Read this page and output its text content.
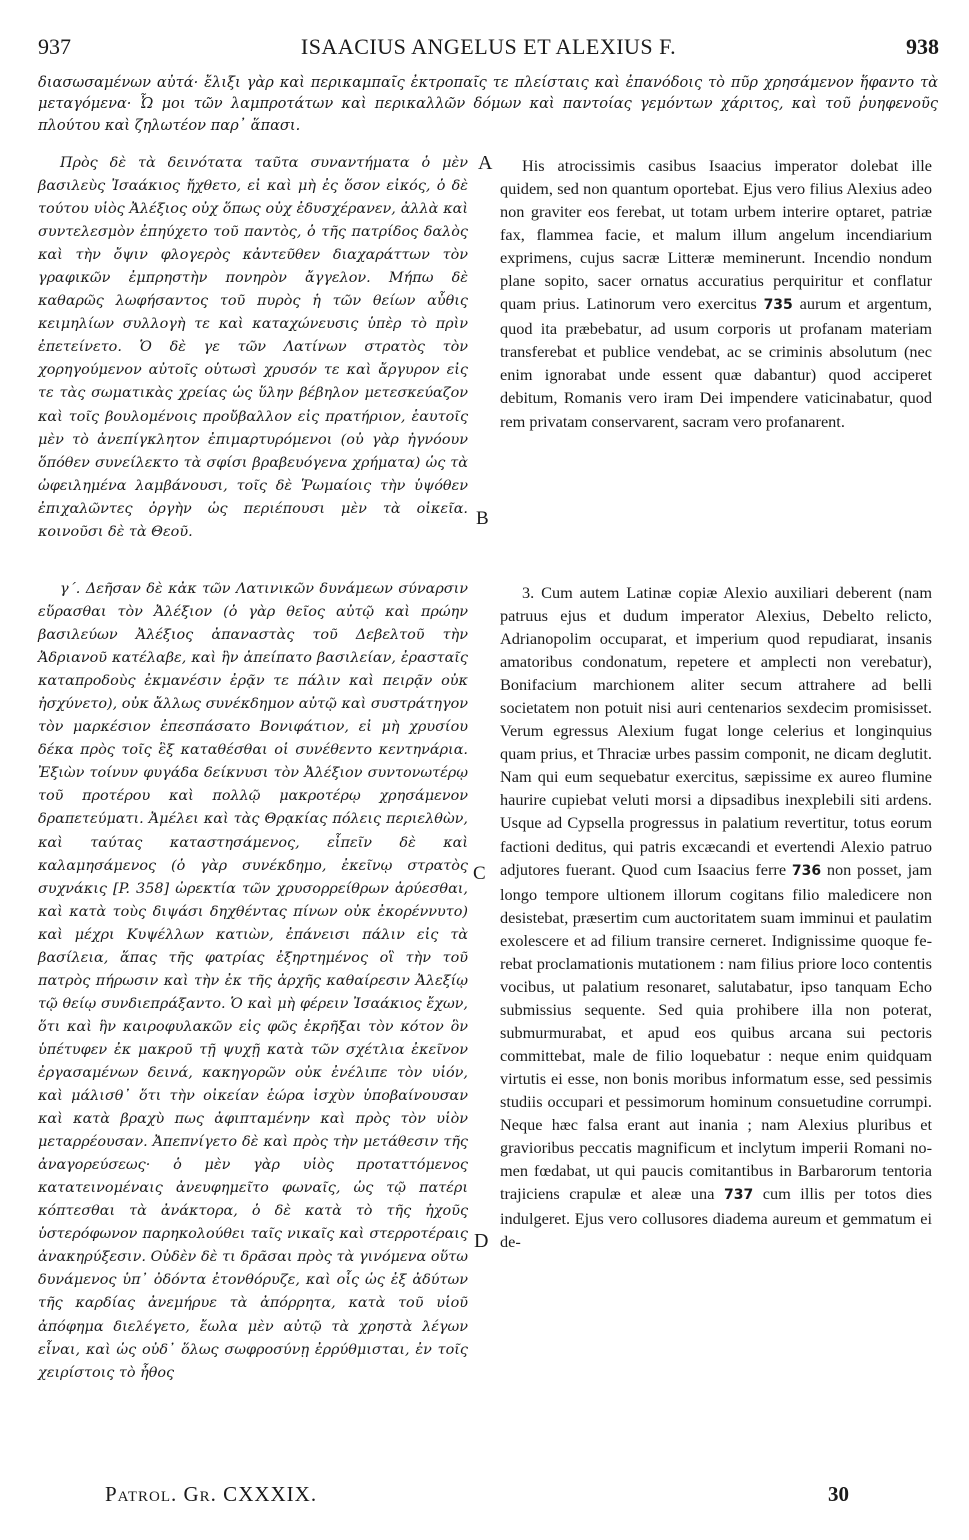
937	ISAACIUS ANGELUS ET ALEXIUS F.	938
διασωσαμένων αὐτά· ἔλιξι γὰρ καὶ περικαμπαῖς ἐκτροπαῖς τε πλείσταις καὶ ἐπανόδοις τὸ πῦρ χρησάμενον ἥφαντο τὰ μεταγόμενα· Ὦ μοι τῶν λαμπροτάτων καὶ περικαλλῶν δόμων καὶ παντοίας γεμόντων χάριτος, καὶ τοῦ ῥυηφενοῦς πλούτου καὶ ζηλωτέον παρ᾽ ἅπασι.

Πρὸς δὲ τὰ δεινότατα ταῦτα συναντήματα ὁ μὲν βασιλεὺς Ἰσαάκιος ἤχθετο, εἰ καὶ μὴ ἐς ὅσον εἰκός, ὁ δὲ τούτου υἱὸς Ἀλέξιος οὐχ ὅπως οὐχ ἐδυσχέρανεν, ἀλλὰ καὶ συντελεσμὸν ἐπηύχετο τοῦ παντὸς, ὁ τῆς πατρίδος δαλὸς καὶ τὴν ὄψιν φλογερὸς κἀντεῦθεν διαχαράττων τὸν γραφικῶν ἐμπρηστὴν πονηρὸν ἄγγελον. Μήπω δὲ καθαρῶς λωφήσαντος τοῦ πυρὸς ἡ τῶν θείων αὖθις κειμηλίων συλλογὴ τε καὶ καταχώνευσις ὑπὲρ τὸ πρὶν ἐπετείνετο. Ὁ δὲ γε τῶν Λατίνων στρατὸς τὸν χορηγούμενον αὐτοῖς οὑτωσὶ χρυσόν τε καὶ ἄργυρον εἰς τε τὰς σωματικὰς χρείας ὡς ὕλην βέβηλον μετεσκεύαζον καὶ τοῖς βουλομένοις προὔβαλλον εἰς πρατήριον, ἑαυτοῖς μὲν τὸ ἀνεπίγκλητον ἐπιμαρτυρόμενοι (οὐ γὰρ ἠγνόουν ὅπόθεν συνείλεκτο τὰ σφίσι βραβευόγενα χρήματα) ὡς τὰ ὠφειλημένα λαμβάνουσι, τοῖς δὲ Ῥωμαίοις τὴν ὑψόθεν ἐπιχαλῶντες ὀργὴν ὡς περιέπουσι μὲν τὰ οἰκεῖα. κοινοῦσι δὲ τὰ Θεοῦ.

γ΄. Δεῆσαν δὲ κἀκ τῶν Λατινικῶν δυνάμεων σύναρσιν εὕρασθαι τὸν Ἀλέξιον (ὁ γὰρ θεῖος αὐτῷ καὶ πρώην βασιλεύων Ἀλέξιος ἀπαναστὰς τοῦ Δεβελτοῦ τὴν Ἀδριανοῦ κατέλαβε, καὶ ἣν ἀπείπατο βασιλείαν, ἐρασταῖς καταπροδοὺς ἐκμανέσιν ἐρᾷν τε πάλιν καὶ πειρᾷν οὐκ ἠσχύνετο), οὐκ ἄλλως συνέκδημον αὐτῷ καὶ συστράτηγον τὸν μαρκέσιον ἐπεσπάσατο Βονιφάτιον, εἰ μὴ χρυσίου δέκα πρὸς τοῖς ἓξ καταθέσθαι οἱ συνέθεντο κεντηνάρια. Ἐξιὼν τοίνυν φυγάδα δείκνυσι τὸν Ἀλέξιον συντονωτέρῳ τοῦ προτέρου καὶ πολλῷ μακροτέρῳ χρησάμενον δραπετεύματι. Ἀμέλει καὶ τὰς Θρᾳκίας πόλεις περιελθὼν, καὶ ταύτας καταστησάμενος, εἶπεῖν δὲ καὶ καλαμησάμενος (ὁ γὰρ συνέκδημο, ἐκεῖνῳ στρατὸς συχνάκις [P. 358] ὠρεκτία τῶν χρυσορρείθρων ἀρύεσθαι, καὶ κατὰ τοὺς διψάσι δηχθέντας πίνων οὐκ ἐκορέννυτο) καὶ μέχρι Κυψέλλων κατιὼν, ἐπάνεισι πάλιν εἰς τὰ βασίλεια, ἅπας τῆς φατρίας ἐξηρτημένος οἳ τὴν τοῦ πατρὸς πήρωσιν καὶ τὴν ἐκ τῆς ἀρχῆς καθαίρεσιν Ἀλεξίῳ τῷ θείῳ συνδιεπράξαντο. Ὁ καὶ μὴ φέρειν Ἰσαάκιος ἔχων, ὅτι καὶ ἣν καιροφυλακῶν εἰς φῶς ἐκρῆξαι τὸν κότον ὃν ὑπέτυφεν ἐκ μακροῦ τῇ ψυχῇ κατὰ τῶν σχέτλια ἐκεῖνον ἐργασαμένων δεινά, κακηγορῶν οὐκ ἐνέλιπε τὸν υἱόν, καὶ μάλισθ᾽ ὅτι τὴν οἰκείαν ἑώρα ἰσχὺν ὑποβαίνουσαν καὶ κατὰ βραχὺ πως ἀφιπταμένην καὶ πρὸς τὸν υἱὸν μεταρρέουσαν. Ἀπεπνίγετο δὲ καὶ πρὸς τὴν μετάθεσιν τῆς ἀναγορεύσεως· ὁ μὲν γὰρ υἱὸς προταττόμενος κατατεινομέναις ἀνευφημεῖτο φωναῖς, ὡς τῷ πατέρι κόπτεσθαι τὰ ἀνάκτορα, ὁ δὲ κατὰ τὸ τῆς ἠχοῦς ὑστερόφωνον παρηκολούθει ταῖς νικαῖς καὶ στερροτέραις ἀνακηρύξεσιν. Οὐδὲν δὲ τι δρᾶσαι πρὸς τὰ γινόμενα οὕτω δυνάμενος ὑπ᾽ ὀδόντα ἐτονθόρυζε, καὶ οἷς ὡς ἐξ ἀδύτων τῆς καρδίας ἀνεμήρυε τὰ ἀπόρρητα, κατὰ τοῦ υἱοῦ ἀπόφημα διελέγετο, ἔωλα μὲν αὐτῷ τὰ χρηστὰ λέγων εἶναι, καὶ ὡς οὐδ᾽ ὅλως σωφροσύνῃ ἐρρύθμισται, ἐν τοῖς χειρίστοις τὸ ἦθος

His atrocissimis casibus Isaacius imperator dolebat ille quidem, sed non quantum oportebat. Ejus vero filius Alexius adeo non graviter eos ferebat, ut totam urbem interire optaret, patriæ fax, flammea facie, et malum illum angelum incendiarium exprimens, cujus sacræ Litteræ meminerunt. Incendio nondum plane sopito, sacer ornatus accuratius perquiritur et conflatur quam prius. Latinorum vero exercitus 735 aurum et argentum, quod ita præbebatur, ad usum corporis ut profanam materiam transferebat et publice vendebat, ac se criminis absolutum (nec enim ignorabat unde essent quæ dabantur) quod acciperet debitum, Romanis vero iram Dei impendere vaticinabatur, quod rem privatam conservarent, sacram vero profanarent.

3. Cum autem Latinæ copiæ Alexio auxiliari deberent (nam patruus ejus et dudum imperator Alexius, Debelto relicto, Adrianopolim occuparat, et imperium quod repudiarat, insanis amatoribus condonatum, repetere et amplecti non verebatur), Bonifacium marchionem aliter secum attrahere ad belli societatem non potuit nisi auri centenarios sexdecim promisisset. Verum egressus Alexium fugat longe celerius et longinquius quam prius, et Thraciæ urbes passim componit, ne dicam deglutit. Nam qui eum sequebatur exercitus, sæpissime ex aureo flumine haurire cupiebat veluti morsi a dipsadibus inexplebili siti ardens. Usque ad Cypsella progressus in palatium revertitur, totus eorum factioni deditus, qui patris excæcandi et evertendi Alexio patruo adjutores fuerant. Quod cum Isaacius ferre 736 non posset, jam longo tempore ultionem illorum cogitans filio maledicere non desistebat, præsertim cum auctoritatem suam imminui et paulatim exolescere et ad filium transire cerneret. Indignissime quoque ferebat proclamationis mutationem : nam filius priore loco contentis vocibus, ut palatium resonaret, salutabatur, ipso tanquam Echo submissius sequente. Sed quia prohibere illa non poterat, submurmurabat, et apud eos quibus arcana sui pectoris committebat, male de filio loquebatur : neque enim quidquam virtutis ei esse, non bonis moribus informatum esse, sed pessimis studiis occupari et pessimorum hominum consuetudine corrumpi. Neque hæc falsa erant aut inania ; nam Alexius pluribus et gravioribus peccatis magnificum et inclytum imperii Romani nomen fœdabat, ut qui paucis comitantibus in Barbarorum tentoria trajiciens crapulæ et aleæ una 737 cum illis per totos dies indulgeret. Ejus vero collusores diadema aureum et gemmatum ei de-

A
B
C
D
Patrol. Gr. CXXXIX.	30
